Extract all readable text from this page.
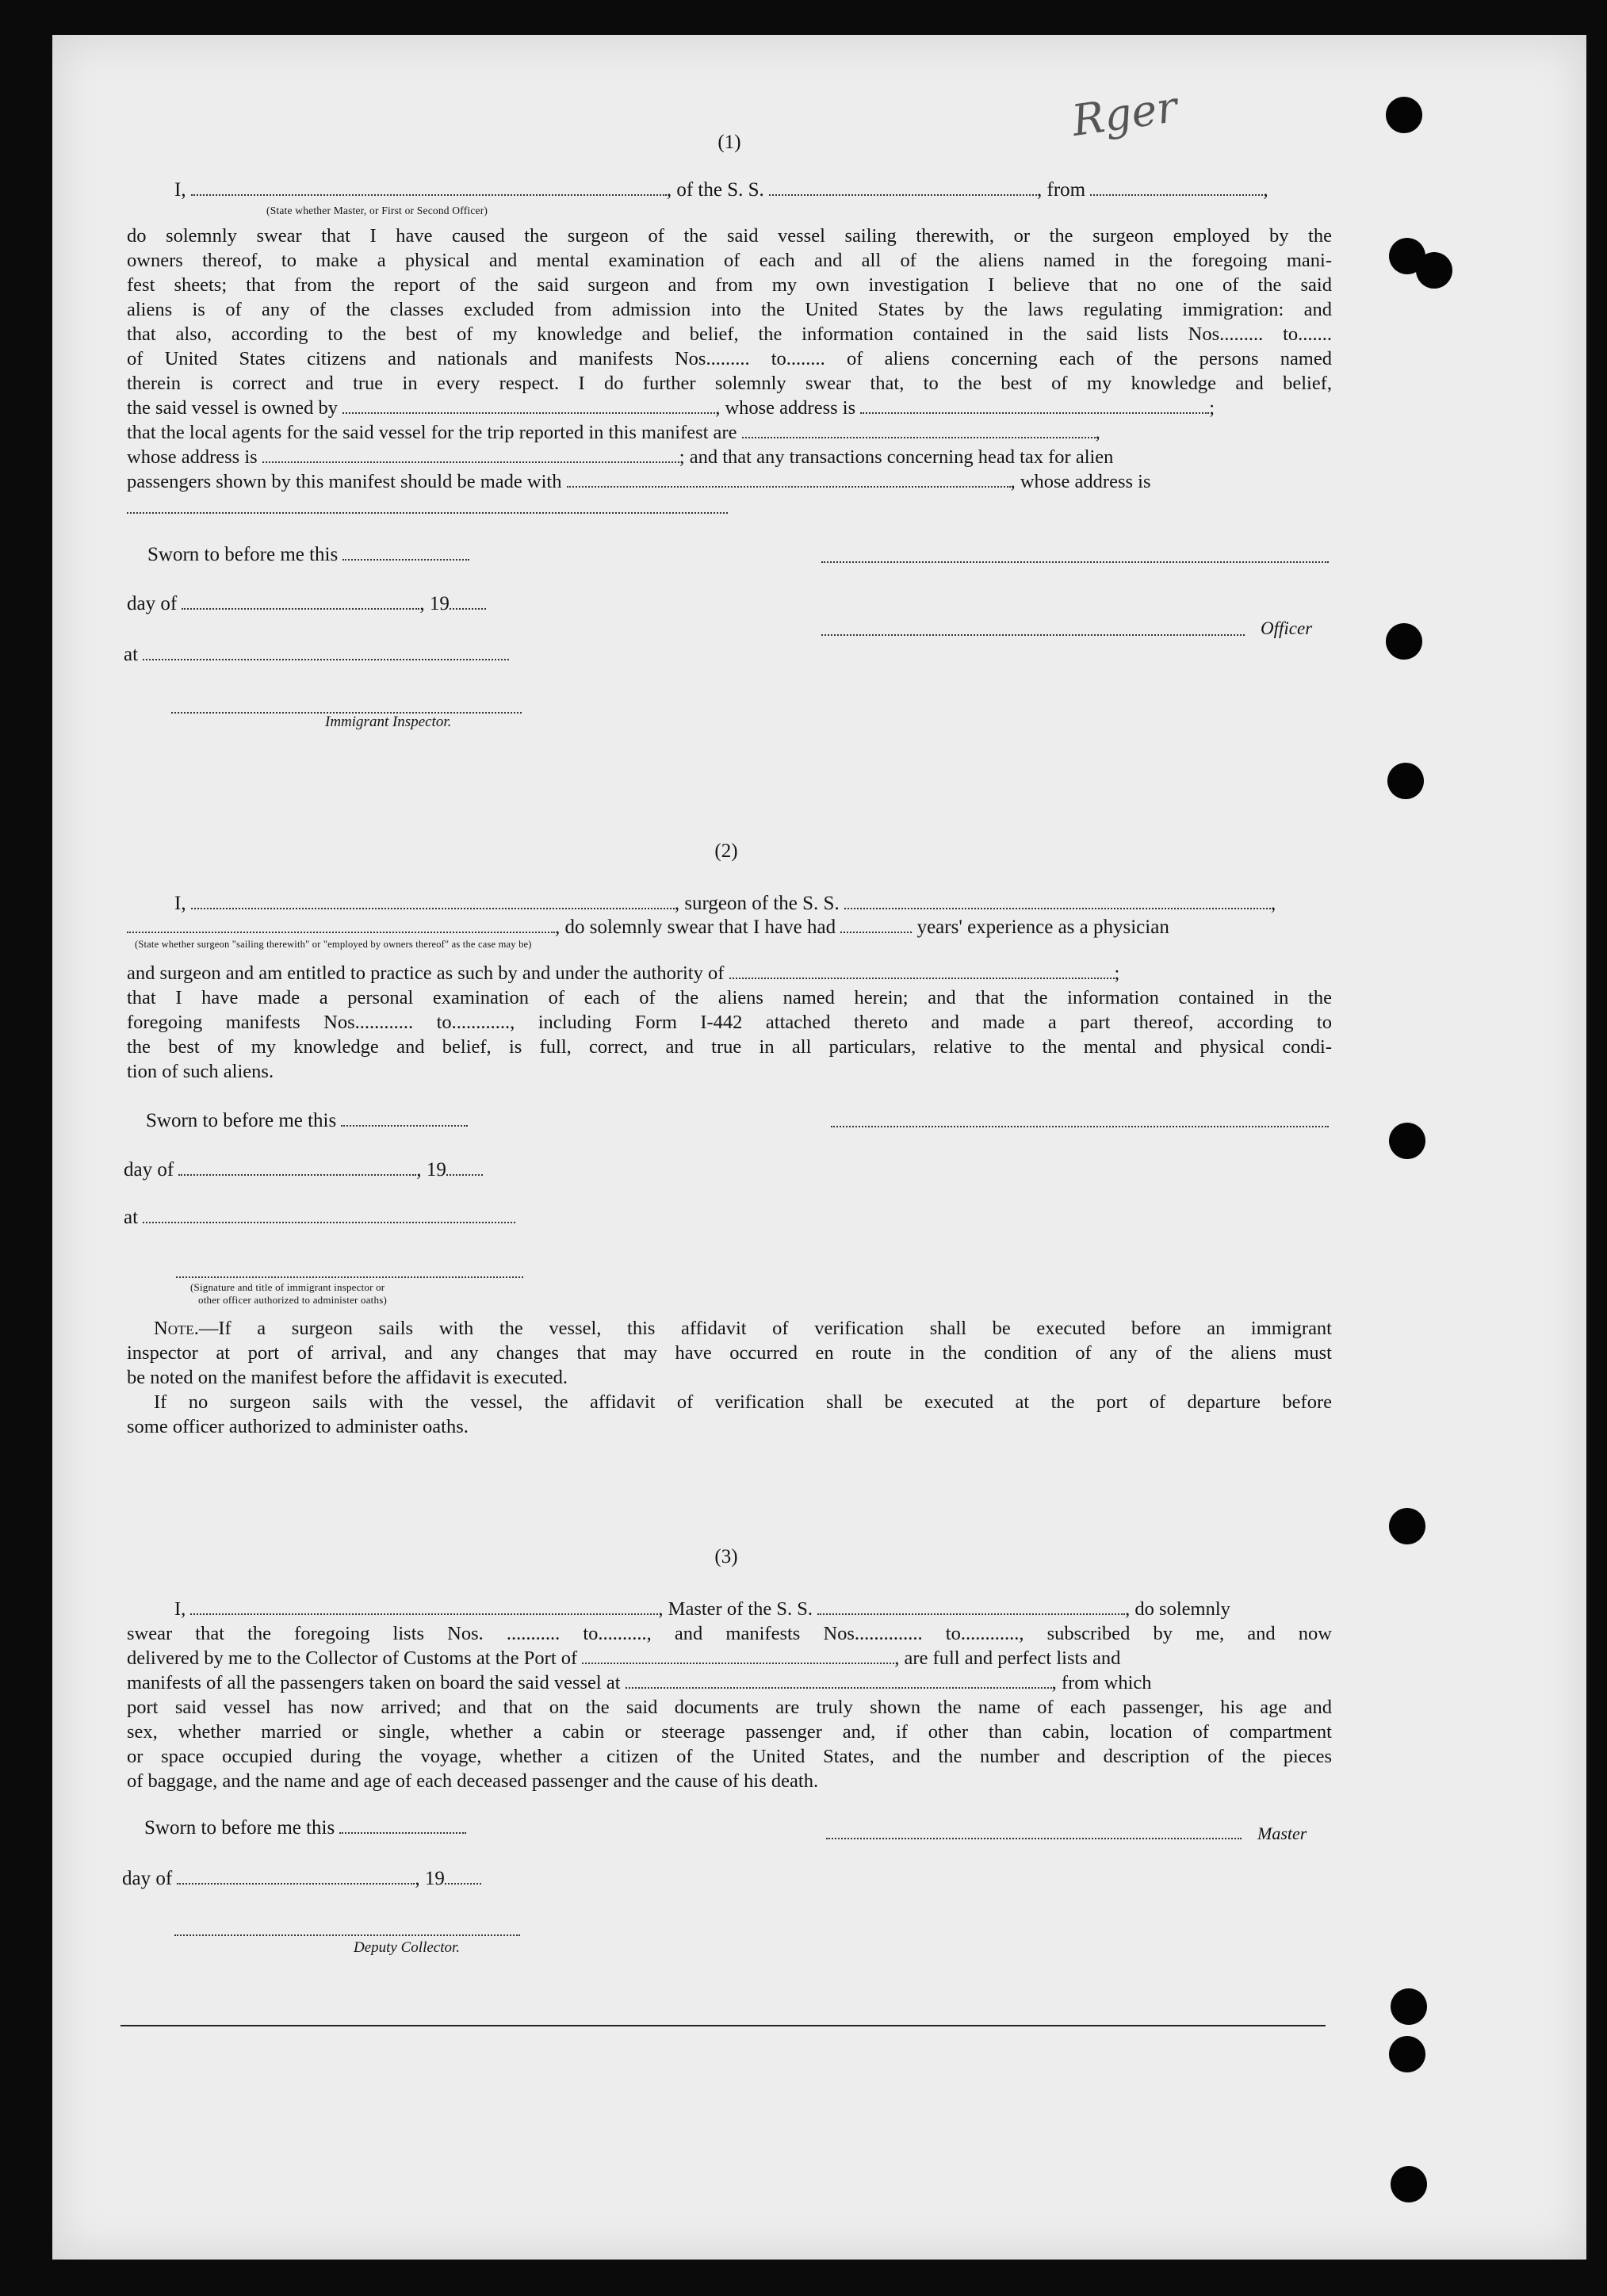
Rger
(1)
I,	, of the S. S.	, from	,
(State whether Master, or First or Second Officer)
do solemnly swear that I have caused the surgeon of the said vessel sailing therewith, or the surgeon employed by the
owners thereof, to make a physical and mental examination of each and all of the aliens named in the foregoing mani-
fest sheets; that from the report of the said surgeon and from my own investigation I believe that no one of the said
aliens is of any of the classes excluded from admission into the United States by the laws regulating immigration: and
that also, according to the best of my knowledge and belief, the information contained in the said lists Nos......... to.......
of United States citizens and nationals and manifests Nos......... to........ of aliens concerning each of the persons named
therein is correct and true in every respect. I do further solemnly swear that, to the best of my knowledge and belief,
the said vessel is owned by	, whose address is	;
that the local agents for the said vessel for the trip reported in this manifest are	,
whose address is	; and that any transactions concerning head tax for alien
passengers shown by this manifest should be made with	, whose address is
Sworn to before me this
day of	, 19
Officer
at
Immigrant Inspector.
(2)
I,	, surgeon of the S. S.	,
, do solemnly swear that I have had	years' experience as a physician
(State whether surgeon "sailing therewith" or "employed by owners thereof" as the case may be)
and surgeon and am entitled to practice as such by and under the authority of	;
that I have made a personal examination of each of the aliens named herein; and that the information contained in the
foregoing manifests Nos............ to............, including Form I-442 attached thereto and made a part thereof, according to
the best of my knowledge and belief, is full, correct, and true in all particulars, relative to the mental and physical condi-
tion of such aliens.
Sworn to before me this
day of	, 19
at
(Signature and title of immigrant inspector or
other officer authorized to administer oaths)
Note.—If a surgeon sails with the vessel, this affidavit of verification shall be executed before an immigrant
inspector at port of arrival, and any changes that may have occurred en route in the condition of any of the aliens must
be noted on the manifest before the affidavit is executed.
If no surgeon sails with the vessel, the affidavit of verification shall be executed at the port of departure before
some officer authorized to administer oaths.
(3)
I,	, Master of the S. S.	, do solemnly
swear that the foregoing lists Nos. ........... to.........., and manifests Nos.............. to............, subscribed by me, and now
delivered by me to the Collector of Customs at the Port of	, are full and perfect lists and
manifests of all the passengers taken on board the said vessel at	, from which
port said vessel has now arrived; and that on the said documents are truly shown the name of each passenger, his age and
sex, whether married or single, whether a cabin or steerage passenger and, if other than cabin, location of compartment
or space occupied during the voyage, whether a citizen of the United States, and the number and description of the pieces
of baggage, and the name and age of each deceased passenger and the cause of his death.
Sworn to before me this	Master
day of	, 19
Deputy Collector.
